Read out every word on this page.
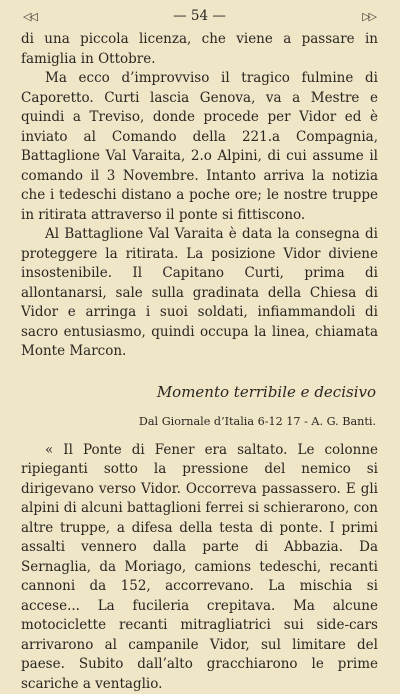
◁◁	— 54 —	▷▷

di una piccola licenza, che viene a passare in famiglia in Ottobre.

Ma ecco d’improvviso il tragico fulmine di Caporetto. Curti lascia Genova, va a Mestre e quindi a Treviso, donde procede per Vidor ed è inviato al Comando della 221.a Compagnia, Battaglione Val Varaita, 2.o Alpini, di cui assume il comando il 3 Novembre. Intanto arriva la notizia che i tedeschi distano a poche ore; le nostre truppe in ritirata attraverso il ponte si fittiscono.

Al Battaglione Val Varaita è data la consegna di proteggere la ritirata. La posizione Vidor diviene insostenibile. Il Capitano Curti, prima di allontanarsi, sale sulla gradinata della Chiesa di Vidor e arringa i suoi soldati, infiammandoli di sacro entusiasmo, quindi occupa la linea, chiamata Monte Marcon.

Momento terribile e decisivo
Dal Giornale d’Italia 6-12 17 - A. G. Banti.

« Il Ponte di Fener era saltato. Le colonne ripieganti sotto la pressione del nemico si dirigevano verso Vidor. Occorreva passassero. E gli alpini di alcuni battaglioni ferrei si schierarono, con altre truppe, a difesa della testa di ponte. I primi assalti vennero dalla parte di Abbazia. Da Sernaglia, da Moriago, camions tedeschi, recanti cannoni da 152, accorrevano. La mischia si accese... La fucileria crepitava. Ma alcune motociclette recanti mitragliatrici sui side-cars arrivarono al campanile Vidor, sul limitare del paese. Subito dall’alto gracchiarono le prime scariche a ventaglio.
